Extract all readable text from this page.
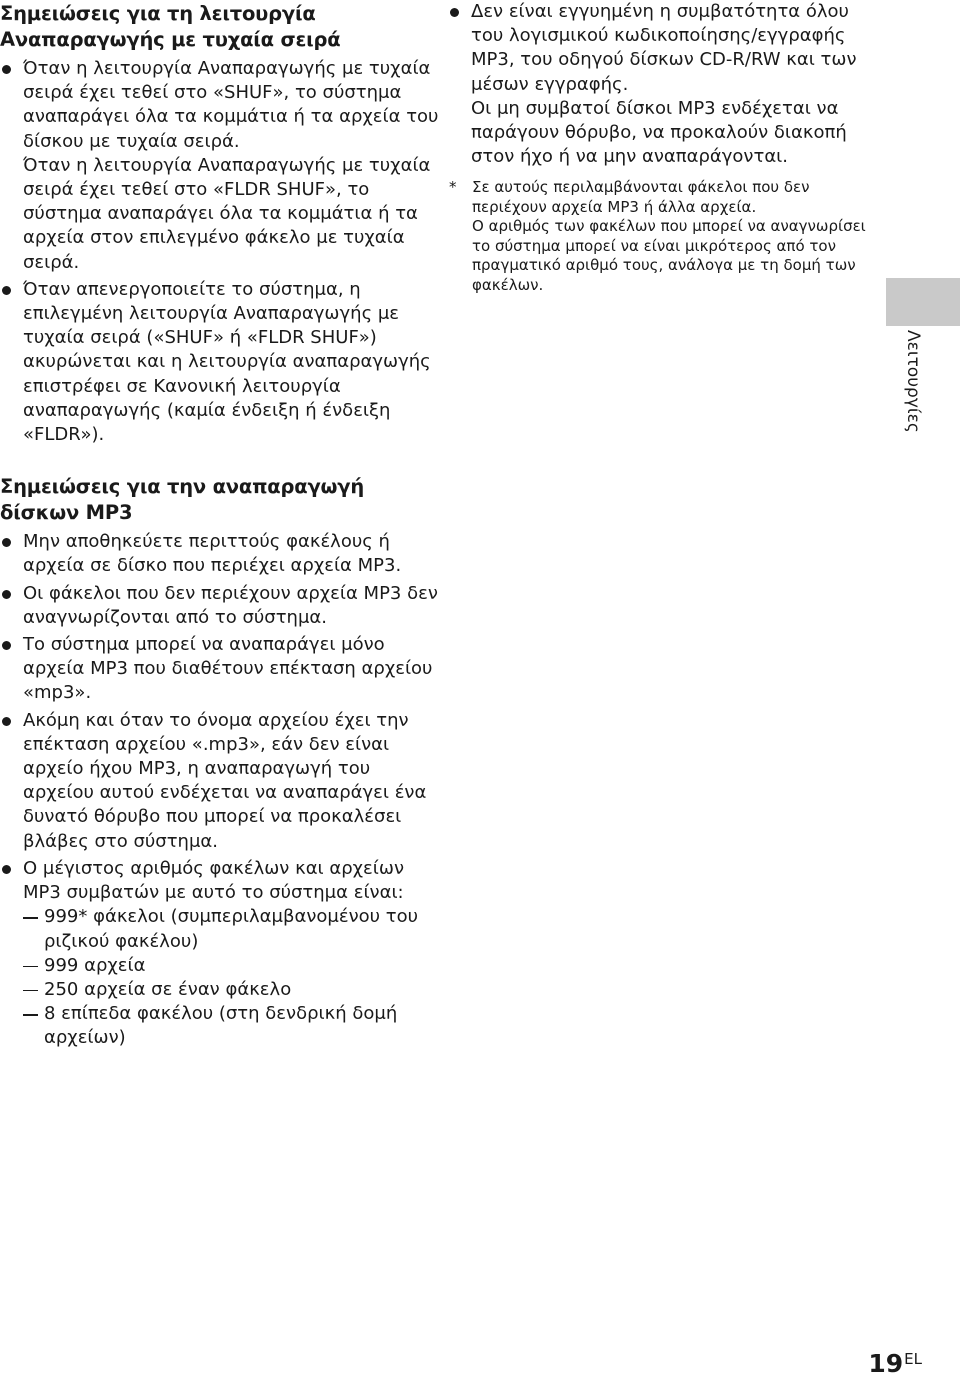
Σημειώσεις για τη λειτουργία Αναπαραγωγής με τυχαία σειρά

Όταν η λειτουργία Αναπαραγωγής με τυχαία σειρά έχει τεθεί στο «SHUF», το σύστημα αναπαράγει όλα τα κομμάτια ή τα αρχεία του δίσκου με τυχαία σειρά.

Όταν η λειτουργία Αναπαραγωγής με τυχαία σειρά έχει τεθεί στο «FLDR SHUF», το σύστημα αναπαράγει όλα τα κομμάτια ή τα αρχεία στον επιλεγμένο φάκελο με τυχαία σειρά.

Όταν απενεργοποιείτε το σύστημα, η επιλεγμένη λειτουργία Αναπαραγωγής με τυχαία σειρά («SHUF» ή «FLDR SHUF») ακυρώνεται και η λειτουργία αναπαραγωγής επιστρέφει σε Κανονική λειτουργία αναπαραγωγής (καμία ένδειξη ή ένδειξη «FLDR»).

Σημειώσεις για την αναπαραγωγή δίσκων MP3

Μην αποθηκεύετε περιττούς φακέλους ή αρχεία σε δίσκο που περιέχει αρχεία MP3.

Οι φάκελοι που δεν περιέχουν αρχεία MP3 δεν αναγνωρίζονται από το σύστημα.

Το σύστημα μπορεί να αναπαράγει μόνο αρχεία MP3 που διαθέτουν επέκταση αρχείου «mp3».

Ακόμη και όταν το όνομα αρχείου έχει την επέκταση αρχείου «.mp3», εάν δεν είναι αρχείο ήχου MP3, η αναπαραγωγή του αρχείου αυτού ενδέχεται να αναπαράγει ένα δυνατό θόρυβο που μπορεί να προκαλέσει βλάβες στο σύστημα.

Ο μέγιστος αριθμός φακέλων και αρχείων MP3 συμβατών με αυτό το σύστημα είναι:

999* φάκελοι (συμπεριλαμβανομένου του ριζικού φακέλου)
999 αρχεία
250 αρχεία σε έναν φάκελο
8 επίπεδα φακέλου (στη δενδρική δομή αρχείων)

Δεν είναι εγγυημένη η συμβατότητα όλου του λογισμικού κωδικοποίησης/εγγραφής MP3, του οδηγού δίσκων CD-R/RW και των μέσων εγγραφής.

Οι μη συμβατοί δίσκοι MP3 ενδέχεται να παράγουν θόρυβο, να προκαλούν διακοπή στον ήχο ή να μην αναπαράγονται.

* Σε αυτούς περιλαμβάνονται φάκελοι που δεν περιέχουν αρχεία MP3 ή άλλα αρχεία.

Ο αριθμός των φακέλων που μπορεί να αναγνωρίσει το σύστημα μπορεί να είναι μικρότερος από τον πραγματικό αριθμό τους, ανάλογα με τη δομή των φακέλων.

Λειτουργίες
$19^{EL}$
